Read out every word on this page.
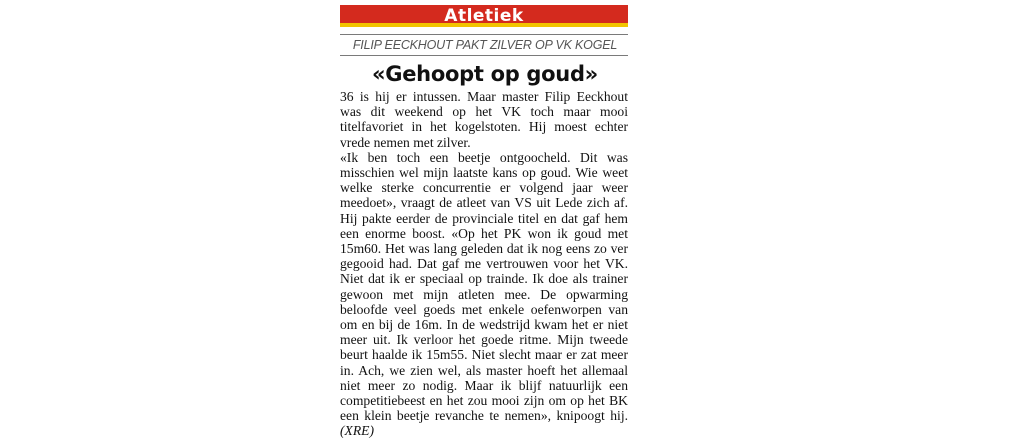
Atletiek
FILIP EECKHOUT PAKT ZILVER OP VK KOGEL
«Gehoopt op goud»

36 is hij er intussen. Maar master Filip Eeckhout was dit weekend op het VK toch maar mooi titelfavoriet in het kogelstoten. Hij moest echter vrede nemen met zilver.

«Ik ben toch een beetje ontgoocheld. Dit was misschien wel mijn laatste kans op goud. Wie weet welke sterke concurrentie er volgend jaar weer meedoet», vraagt de atleet van VS uit Lede zich af. Hij pakte eerder de provinciale titel en dat gaf hem een enorme boost. «Op het PK won ik goud met 15m60. Het was lang geleden dat ik nog eens zo ver gegooid had. Dat gaf me vertrouwen voor het VK. Niet dat ik er speciaal op trainde. Ik doe als trainer gewoon met mijn atleten mee. De opwarming beloofde veel goeds met enkele oefenworpen van om en bij de 16m. In de wedstrijd kwam het er niet meer uit. Ik verloor het goede ritme. Mijn tweede beurt haalde ik 15m55. Niet slecht maar er zat meer in. Ach, we zien wel, als master hoeft het allemaal niet meer zo nodig. Maar ik blijf natuurlijk een competitiebeest en het zou mooi zijn om op het BK een klein beetje revanche te nemen», knipoogt hij. (XRE)
